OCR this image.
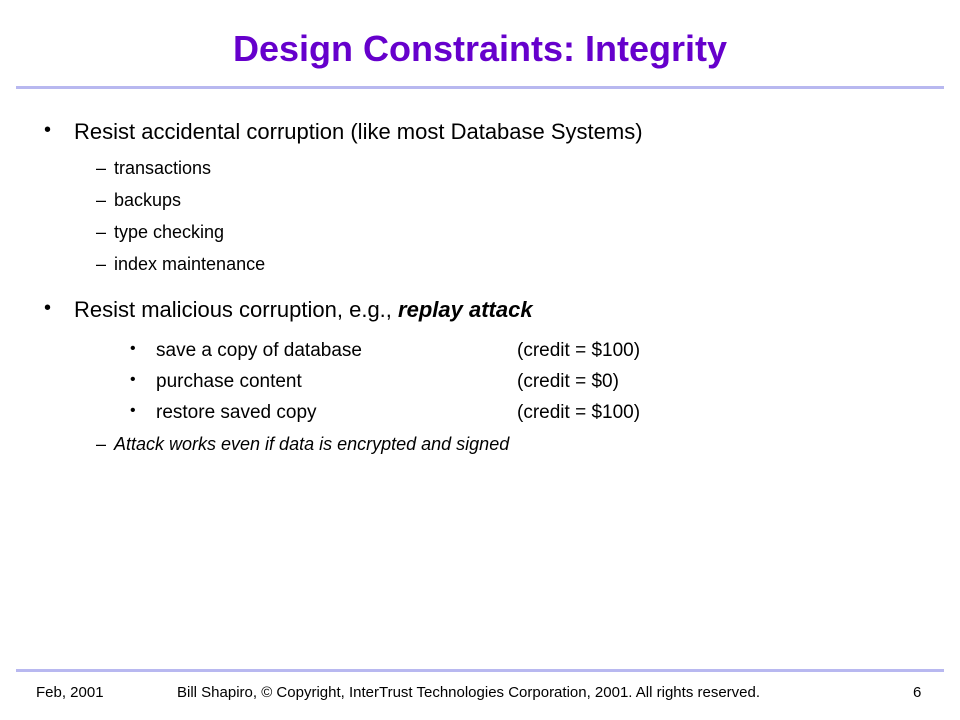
Design Constraints: Integrity
•	Resist accidental corruption (like most Database Systems)
– transactions
– backups
– type checking
– index maintenance
•	Resist malicious corruption, e.g., replay attack
• save a copy of database	(credit = $100)
• purchase content	(credit = $0)
• restore saved copy	(credit = $100)
– Attack works even if data is encrypted and signed
Feb, 2001	Bill Shapiro, © Copyright, InterTrust Technologies Corporation, 2001. All rights reserved.	6
